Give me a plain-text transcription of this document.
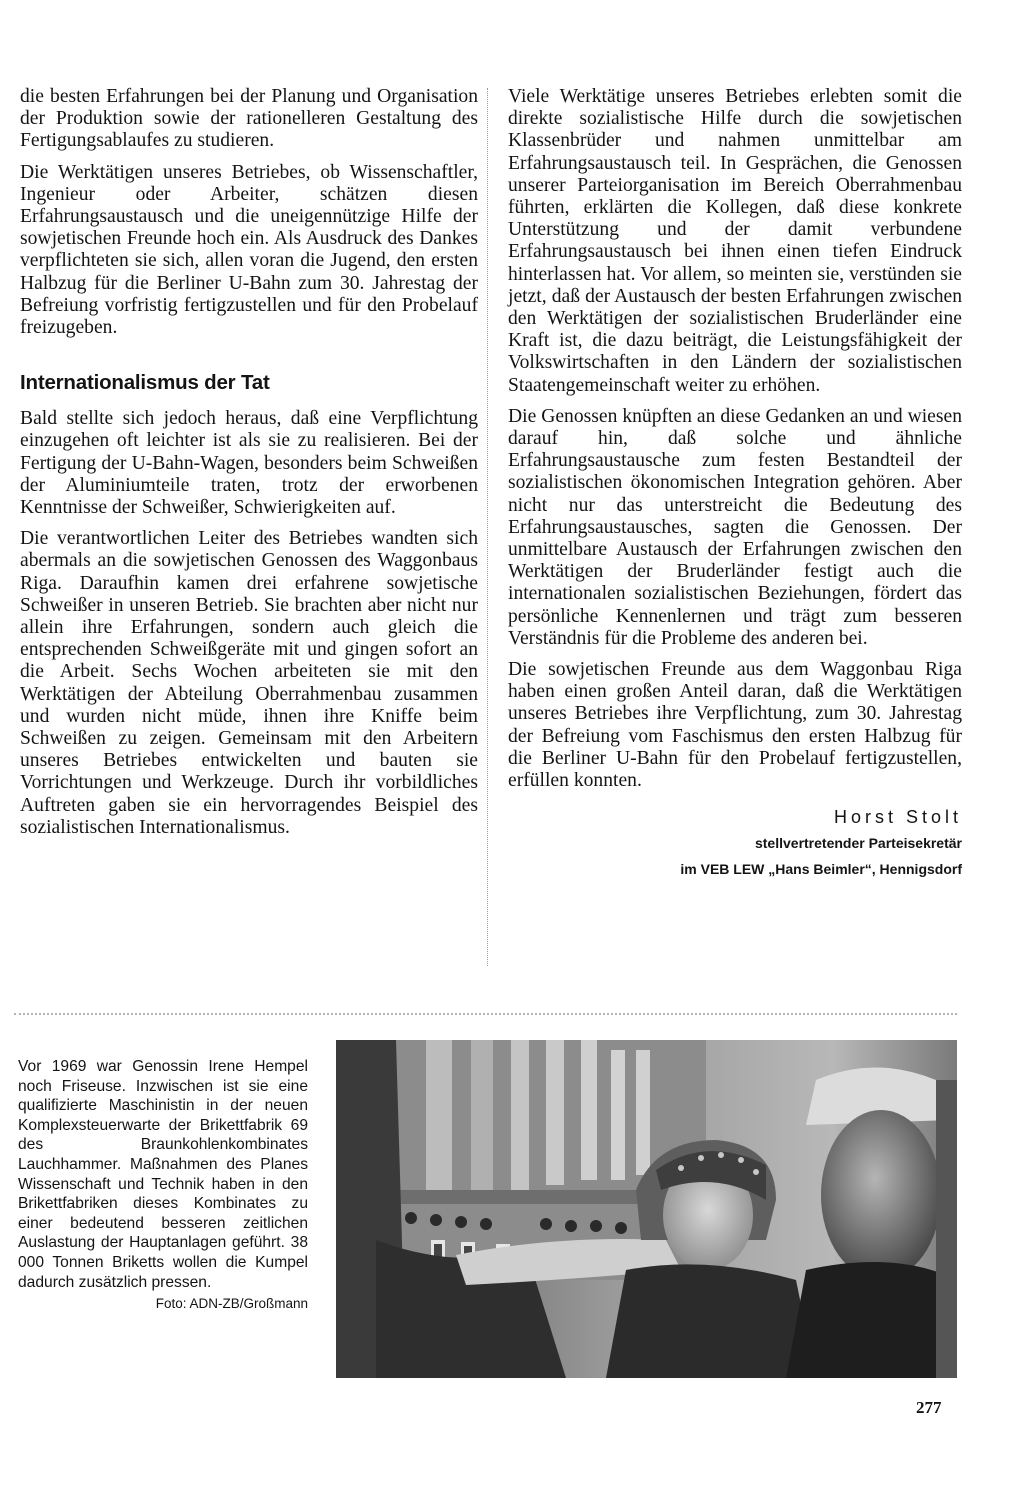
die besten Erfahrungen bei der Planung und Organisation der Produktion sowie der rationelleren Gestaltung des Fertigungsablaufes zu studieren.

Die Werktätigen unseres Betriebes, ob Wissenschaftler, Ingenieur oder Arbeiter, schätzen diesen Erfahrungsaustausch und die uneigennützige Hilfe der sowjetischen Freunde hoch ein. Als Ausdruck des Dankes verpflichteten sie sich, allen voran die Jugend, den ersten Halbzug für die Berliner U-Bahn zum 30. Jahrestag der Befreiung vorfristig fertigzustellen und für den Probelauf freizugeben.

Internationalismus der Tat

Bald stellte sich jedoch heraus, daß eine Verpflichtung einzugehen oft leichter ist als sie zu realisieren. Bei der Fertigung der U-Bahn-Wagen, besonders beim Schweißen der Aluminiumteile traten, trotz der erworbenen Kenntnisse der Schweißer, Schwierigkeiten auf.

Die verantwortlichen Leiter des Betriebes wandten sich abermals an die sowjetischen Genossen des Waggonbaus Riga. Daraufhin kamen drei erfahrene sowjetische Schweißer in unseren Betrieb. Sie brachten aber nicht nur allein ihre Erfahrungen, sondern auch gleich die entsprechenden Schweißgeräte mit und gingen sofort an die Arbeit. Sechs Wochen arbeiteten sie mit den Werktätigen der Abteilung Oberrahmenbau zusammen und wurden nicht müde, ihnen ihre Kniffe beim Schweißen zu zeigen. Gemeinsam mit den Arbeitern unseres Betriebes entwickelten und bauten sie Vorrichtungen und Werkzeuge. Durch ihr vorbildliches Auftreten gaben sie ein hervorragendes Beispiel des sozialistischen Internationalismus.

Viele Werktätige unseres Betriebes erlebten somit die direkte sozialistische Hilfe durch die sowjetischen Klassenbrüder und nahmen unmittelbar am Erfahrungsaustausch teil. In Gesprächen, die Genossen unserer Parteiorganisation im Bereich Oberrahmenbau führten, erklärten die Kollegen, daß diese konkrete Unterstützung und der damit verbundene Erfahrungsaustausch bei ihnen einen tiefen Eindruck hinterlassen hat. Vor allem, so meinten sie, verstünden sie jetzt, daß der Austausch der besten Erfahrungen zwischen den Werktätigen der sozialistischen Bruderländer eine Kraft ist, die dazu beiträgt, die Leistungsfähigkeit der Volkswirtschaften in den Ländern der sozialistischen Staatengemeinschaft weiter zu erhöhen.

Die Genossen knüpften an diese Gedanken an und wiesen darauf hin, daß solche und ähnliche Erfahrungsaustausche zum festen Bestandteil der sozialistischen ökonomischen Integration gehören. Aber nicht nur das unterstreicht die Bedeutung des Erfahrungsaustausches, sagten die Genossen. Der unmittelbare Austausch der Erfahrungen zwischen den Werktätigen der Bruderländer festigt auch die internationalen sozialistischen Beziehungen, fördert das persönliche Kennenlernen und trägt zum besseren Verständnis für die Probleme des anderen bei.

Die sowjetischen Freunde aus dem Waggonbau Riga haben einen großen Anteil daran, daß die Werktätigen unseres Betriebes ihre Verpflichtung, zum 30. Jahrestag der Befreiung vom Faschismus den ersten Halbzug für die Berliner U-Bahn für den Probelauf fertigzustellen, erfüllen konnten.

Horst Stolt
stellvertretender Parteisekretär
im VEB LEW „Hans Beimler“, Hennigsdorf

Vor 1969 war Genossin Irene Hempel noch Friseuse. Inzwischen ist sie eine qualifizierte Maschinistin in der neuen Komplexsteuerwarte der Brikettfabrik 69 des Braunkohlenkombinates Lauchhammer. Maßnahmen des Planes Wissenschaft und Technik haben in den Brikettfabriken dieses Kombinates zu einer bedeutend besseren zeitlichen Auslastung der Hauptanlagen geführt. 38 000 Tonnen Briketts wollen die Kumpel dadurch zusätzlich pressen.

Foto: ADN-ZB/Großmann
277
